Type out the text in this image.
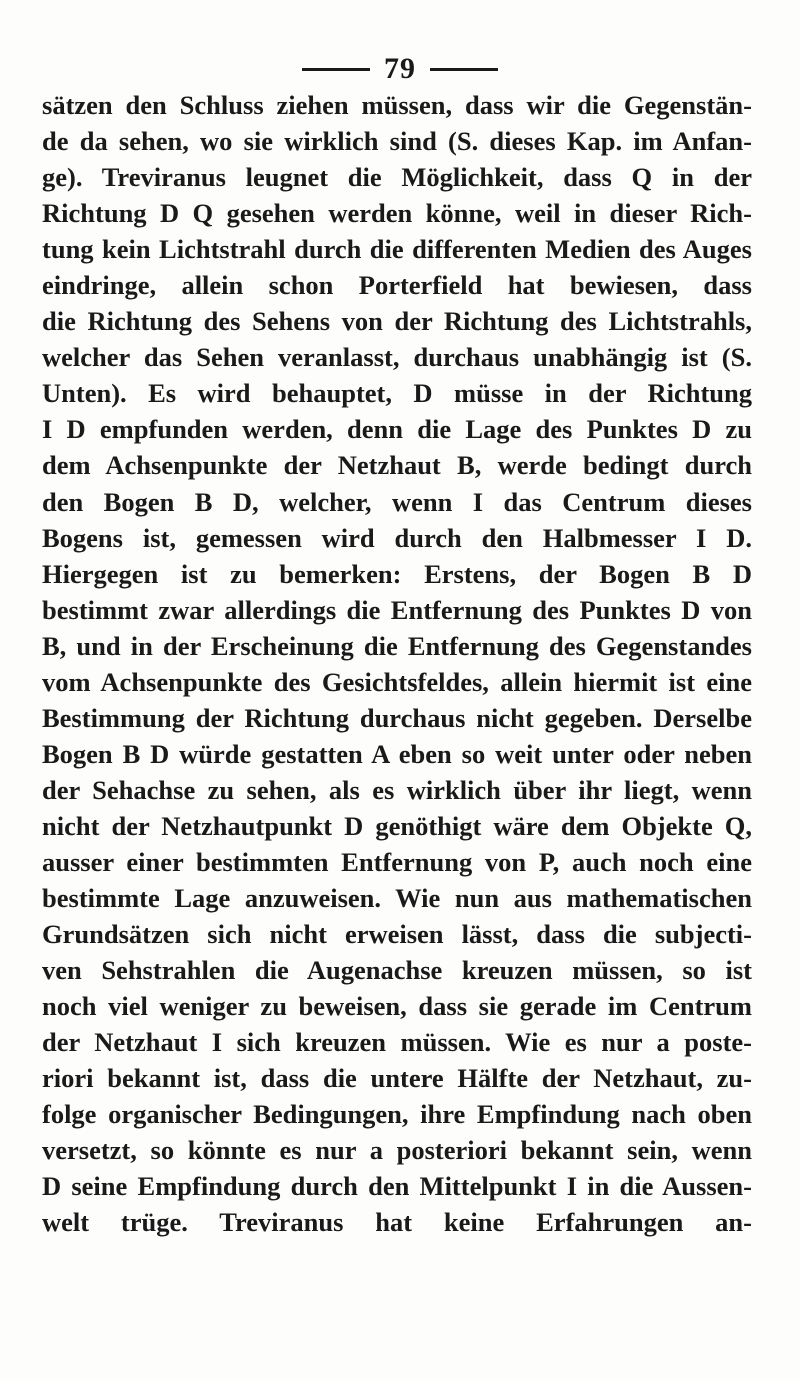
79
sätzen den Schluss ziehen müssen, dass wir die Gegenstän-
de da sehen, wo sie wirklich sind (S. dieses Kap. im Anfan-
ge). Treviranus leugnet die Möglichkeit, dass Q in der
Richtung D Q gesehen werden könne, weil in dieser Rich-
tung kein Lichtstrahl durch die differenten Medien des Auges
eindringe, allein schon Porterfield hat bewiesen, dass
die Richtung des Sehens von der Richtung des Lichtstrahls,
welcher das Sehen veranlasst, durchaus unabhängig ist (S.
Unten). Es wird behauptet, D müsse in der Richtung
I D empfunden werden, denn die Lage des Punktes D zu
dem Achsenpunkte der Netzhaut B, werde bedingt durch
den Bogen B D, welcher, wenn I das Centrum dieses
Bogens ist, gemessen wird durch den Halbmesser I D.
Hiergegen ist zu bemerken: Erstens, der Bogen B D
bestimmt zwar allerdings die Entfernung des Punktes D von
B, und in der Erscheinung die Entfernung des Gegenstandes
vom Achsenpunkte des Gesichtsfeldes, allein hiermit ist eine
Bestimmung der Richtung durchaus nicht gegeben. Derselbe
Bogen B D würde gestatten A eben so weit unter oder neben
der Sehachse zu sehen, als es wirklich über ihr liegt, wenn
nicht der Netzhautpunkt D genöthigt wäre dem Objekte Q,
ausser einer bestimmten Entfernung von P, auch noch eine
bestimmte Lage anzuweisen. Wie nun aus mathematischen
Grundsätzen sich nicht erweisen lässt, dass die subjecti-
ven Sehstrahlen die Augenachse kreuzen müssen, so ist
noch viel weniger zu beweisen, dass sie gerade im Centrum
der Netzhaut I sich kreuzen müssen. Wie es nur a poste-
riori bekannt ist, dass die untere Hälfte der Netzhaut, zu-
folge organischer Bedingungen, ihre Empfindung nach oben
versetzt, so könnte es nur a posteriori bekannt sein, wenn
D seine Empfindung durch den Mittelpunkt I in die Aussen-
welt trüge. Treviranus hat keine Erfahrungen an-
